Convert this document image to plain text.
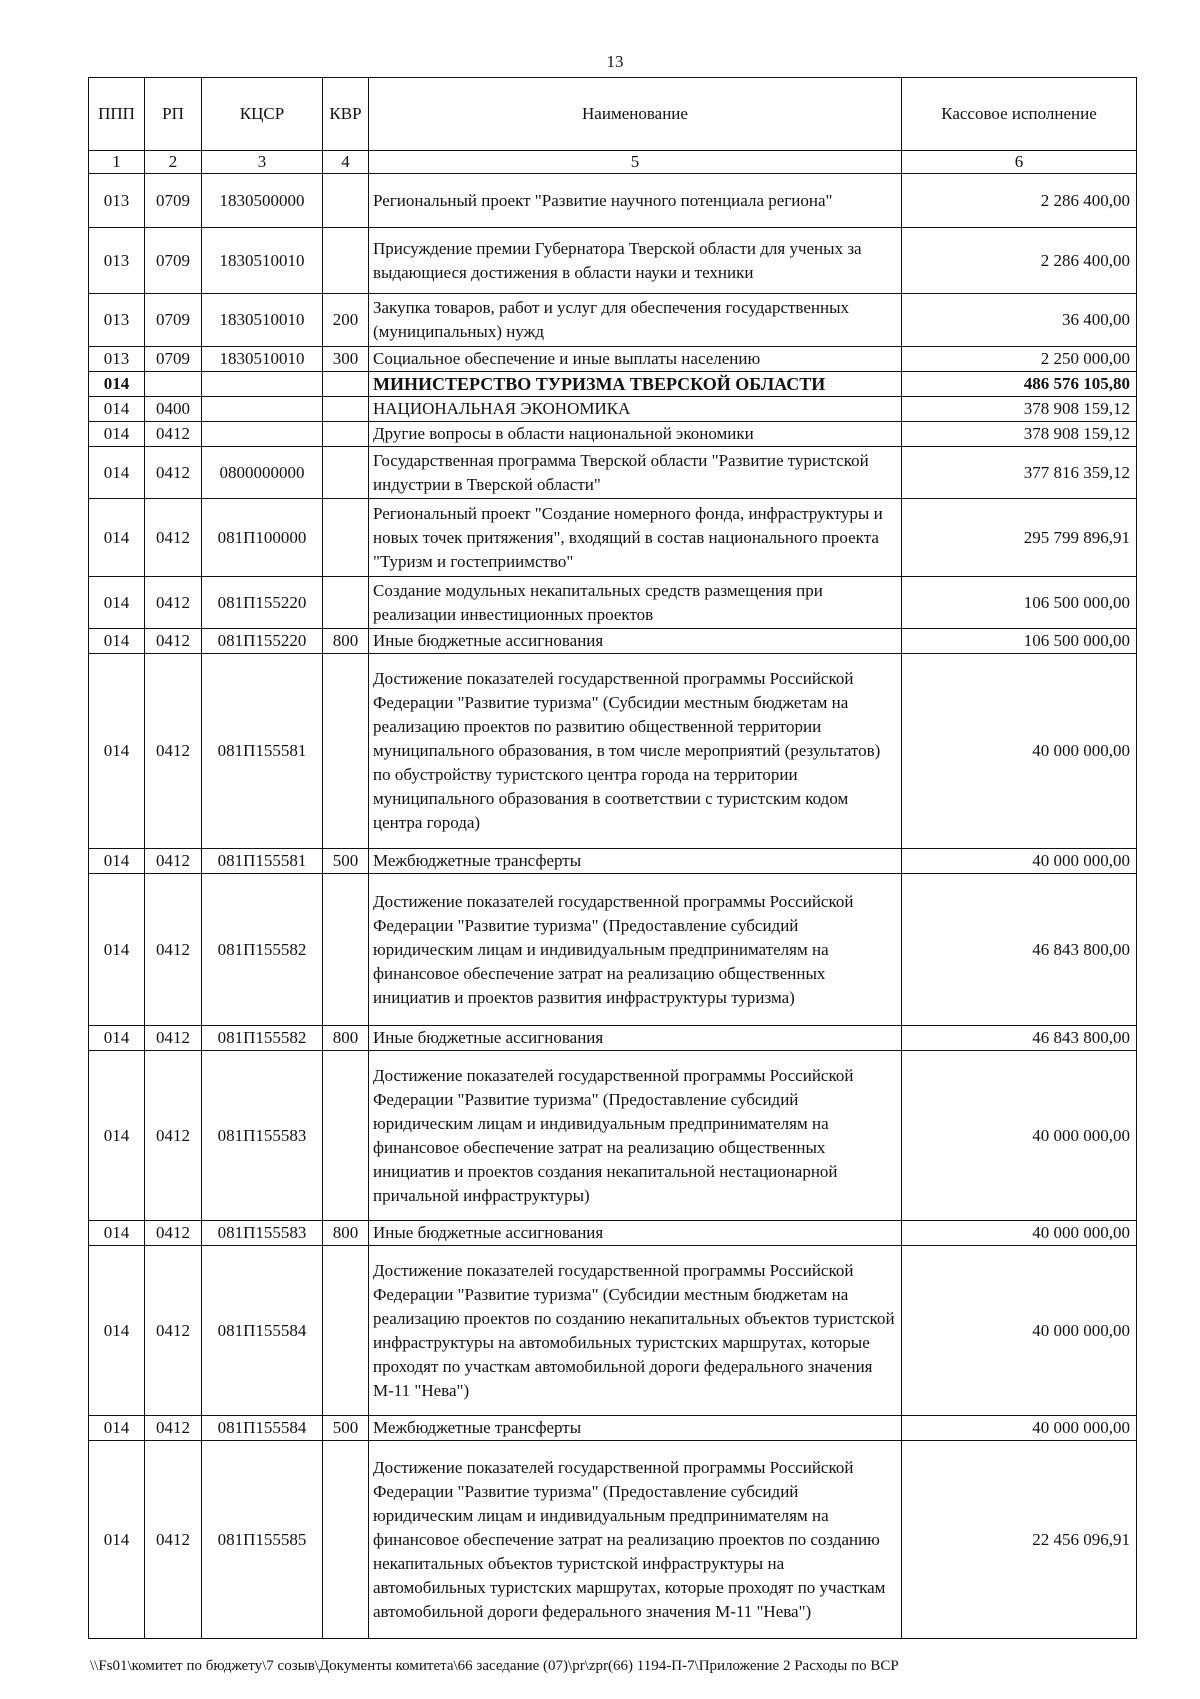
13
ППП	РП	КЦСР	КВР	Наименование	Кассовое исполнение
1	2	3	4	5	6
013	0709	1830500000		Региональный проект "Развитие научного потенциала региона"	2 286 400,00
013	0709	1830510010		Присуждение премии Губернатора Тверской области для ученых за выдающиеся достижения в области науки и техники	2 286 400,00
013	0709	1830510010	200	Закупка товаров, работ и услуг для обеспечения государственных (муниципальных) нужд	36 400,00
013	0709	1830510010	300	Социальное обеспечение и иные выплаты населению	2 250 000,00
014				МИНИСТЕРСТВО ТУРИЗМА ТВЕРСКОЙ ОБЛАСТИ	486 576 105,80
014	0400			НАЦИОНАЛЬНАЯ ЭКОНОМИКА	378 908 159,12
014	0412			Другие вопросы в области национальной экономики	378 908 159,12
014	0412	0800000000		Государственная программа Тверской области "Развитие туристской индустрии в Тверской области"	377 816 359,12
014	0412	081П100000		Региональный проект "Создание номерного фонда, инфраструктуры и новых точек притяжения", входящий в состав национального проекта "Туризм и гостеприимство"	295 799 896,91
014	0412	081П155220		Создание модульных некапитальных средств размещения при реализации инвестиционных проектов	106 500 000,00
014	0412	081П155220	800	Иные бюджетные ассигнования	106 500 000,00
014	0412	081П155581		Достижение показателей государственной программы Российской Федерации "Развитие туризма" (Субсидии местным бюджетам на реализацию проектов по развитию общественной территории муниципального образования, в том числе мероприятий (результатов) по обустройству туристского центра города на территории муниципального образования в соответствии с туристским кодом центра города)	40 000 000,00
014	0412	081П155581	500	Межбюджетные трансферты	40 000 000,00
014	0412	081П155582		Достижение показателей государственной программы Российской Федерации "Развитие туризма" (Предоставление субсидий юридическим лицам и индивидуальным предпринимателям на финансовое обеспечение затрат на реализацию общественных инициатив и проектов развития инфраструктуры туризма)	46 843 800,00
014	0412	081П155582	800	Иные бюджетные ассигнования	46 843 800,00
014	0412	081П155583		Достижение показателей государственной программы Российской Федерации "Развитие туризма" (Предоставление субсидий юридическим лицам и индивидуальным предпринимателям на финансовое обеспечение затрат на реализацию общественных инициатив и проектов создания некапитальной нестационарной причальной инфраструктуры)	40 000 000,00
014	0412	081П155583	800	Иные бюджетные ассигнования	40 000 000,00
014	0412	081П155584		Достижение показателей государственной программы Российской Федерации "Развитие туризма" (Субсидии местным бюджетам на реализацию проектов по созданию некапитальных объектов туристской инфраструктуры на автомобильных туристских маршрутах, которые проходят по участкам автомобильной дороги федерального значения М-11 "Нева")	40 000 000,00
014	0412	081П155584	500	Межбюджетные трансферты	40 000 000,00
014	0412	081П155585		Достижение показателей государственной программы Российской Федерации "Развитие туризма" (Предоставление субсидий юридическим лицам и индивидуальным предпринимателям на финансовое обеспечение затрат на реализацию проектов по созданию некапитальных объектов туристской инфраструктуры на автомобильных туристских маршрутах, которые проходят по участкам автомобильной дороги федерального значения М-11 "Нева")	22 456 096,91
\\Fs01\комитет по бюджету\7 созыв\Документы комитета\66 заседание (07)\pr\zpr(66) 1194-П-7\Приложение 2 Расходы по ВСР
